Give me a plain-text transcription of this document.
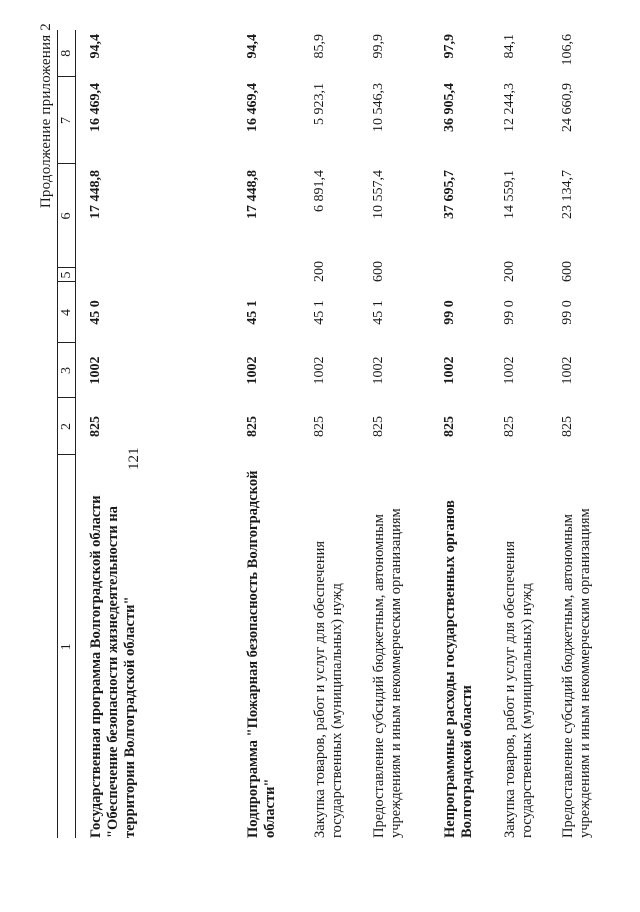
121
Продолжение приложения 2
1	2	3	4	5	6	7	8
Государственная программа Волгоградской области "Обеспечение безопасности жизнедеятельности на территории Волгоградской области"	825	1002	45 0		17 448,8	16 469,4	94,4
Подпрограмма "Пожарная безопасность Волгоградской области"	825	1002	45 1		17 448,8	16 469,4	94,4
Закупка товаров, работ и услуг для обеспечения государственных (муниципальных) нужд	825	1002	45 1	200	6 891,4	5 923,1	85,9
Предоставление субсидий бюджетным, автономным учреждениям и иным некоммерческим организациям	825	1002	45 1	600	10 557,4	10 546,3	99,9
Непрограммные расходы государственных органов Волгоградской области	825	1002	99 0		37 695,7	36 905,4	97,9
Закупка товаров, работ и услуг для обеспечения государственных (муниципальных) нужд	825	1002	99 0	200	14 559,1	12 244,3	84,1
Предоставление субсидий бюджетным, автономным учреждениям и иным некоммерческим организациям	825	1002	99 0	600	23 134,7	24 660,9	106,6
